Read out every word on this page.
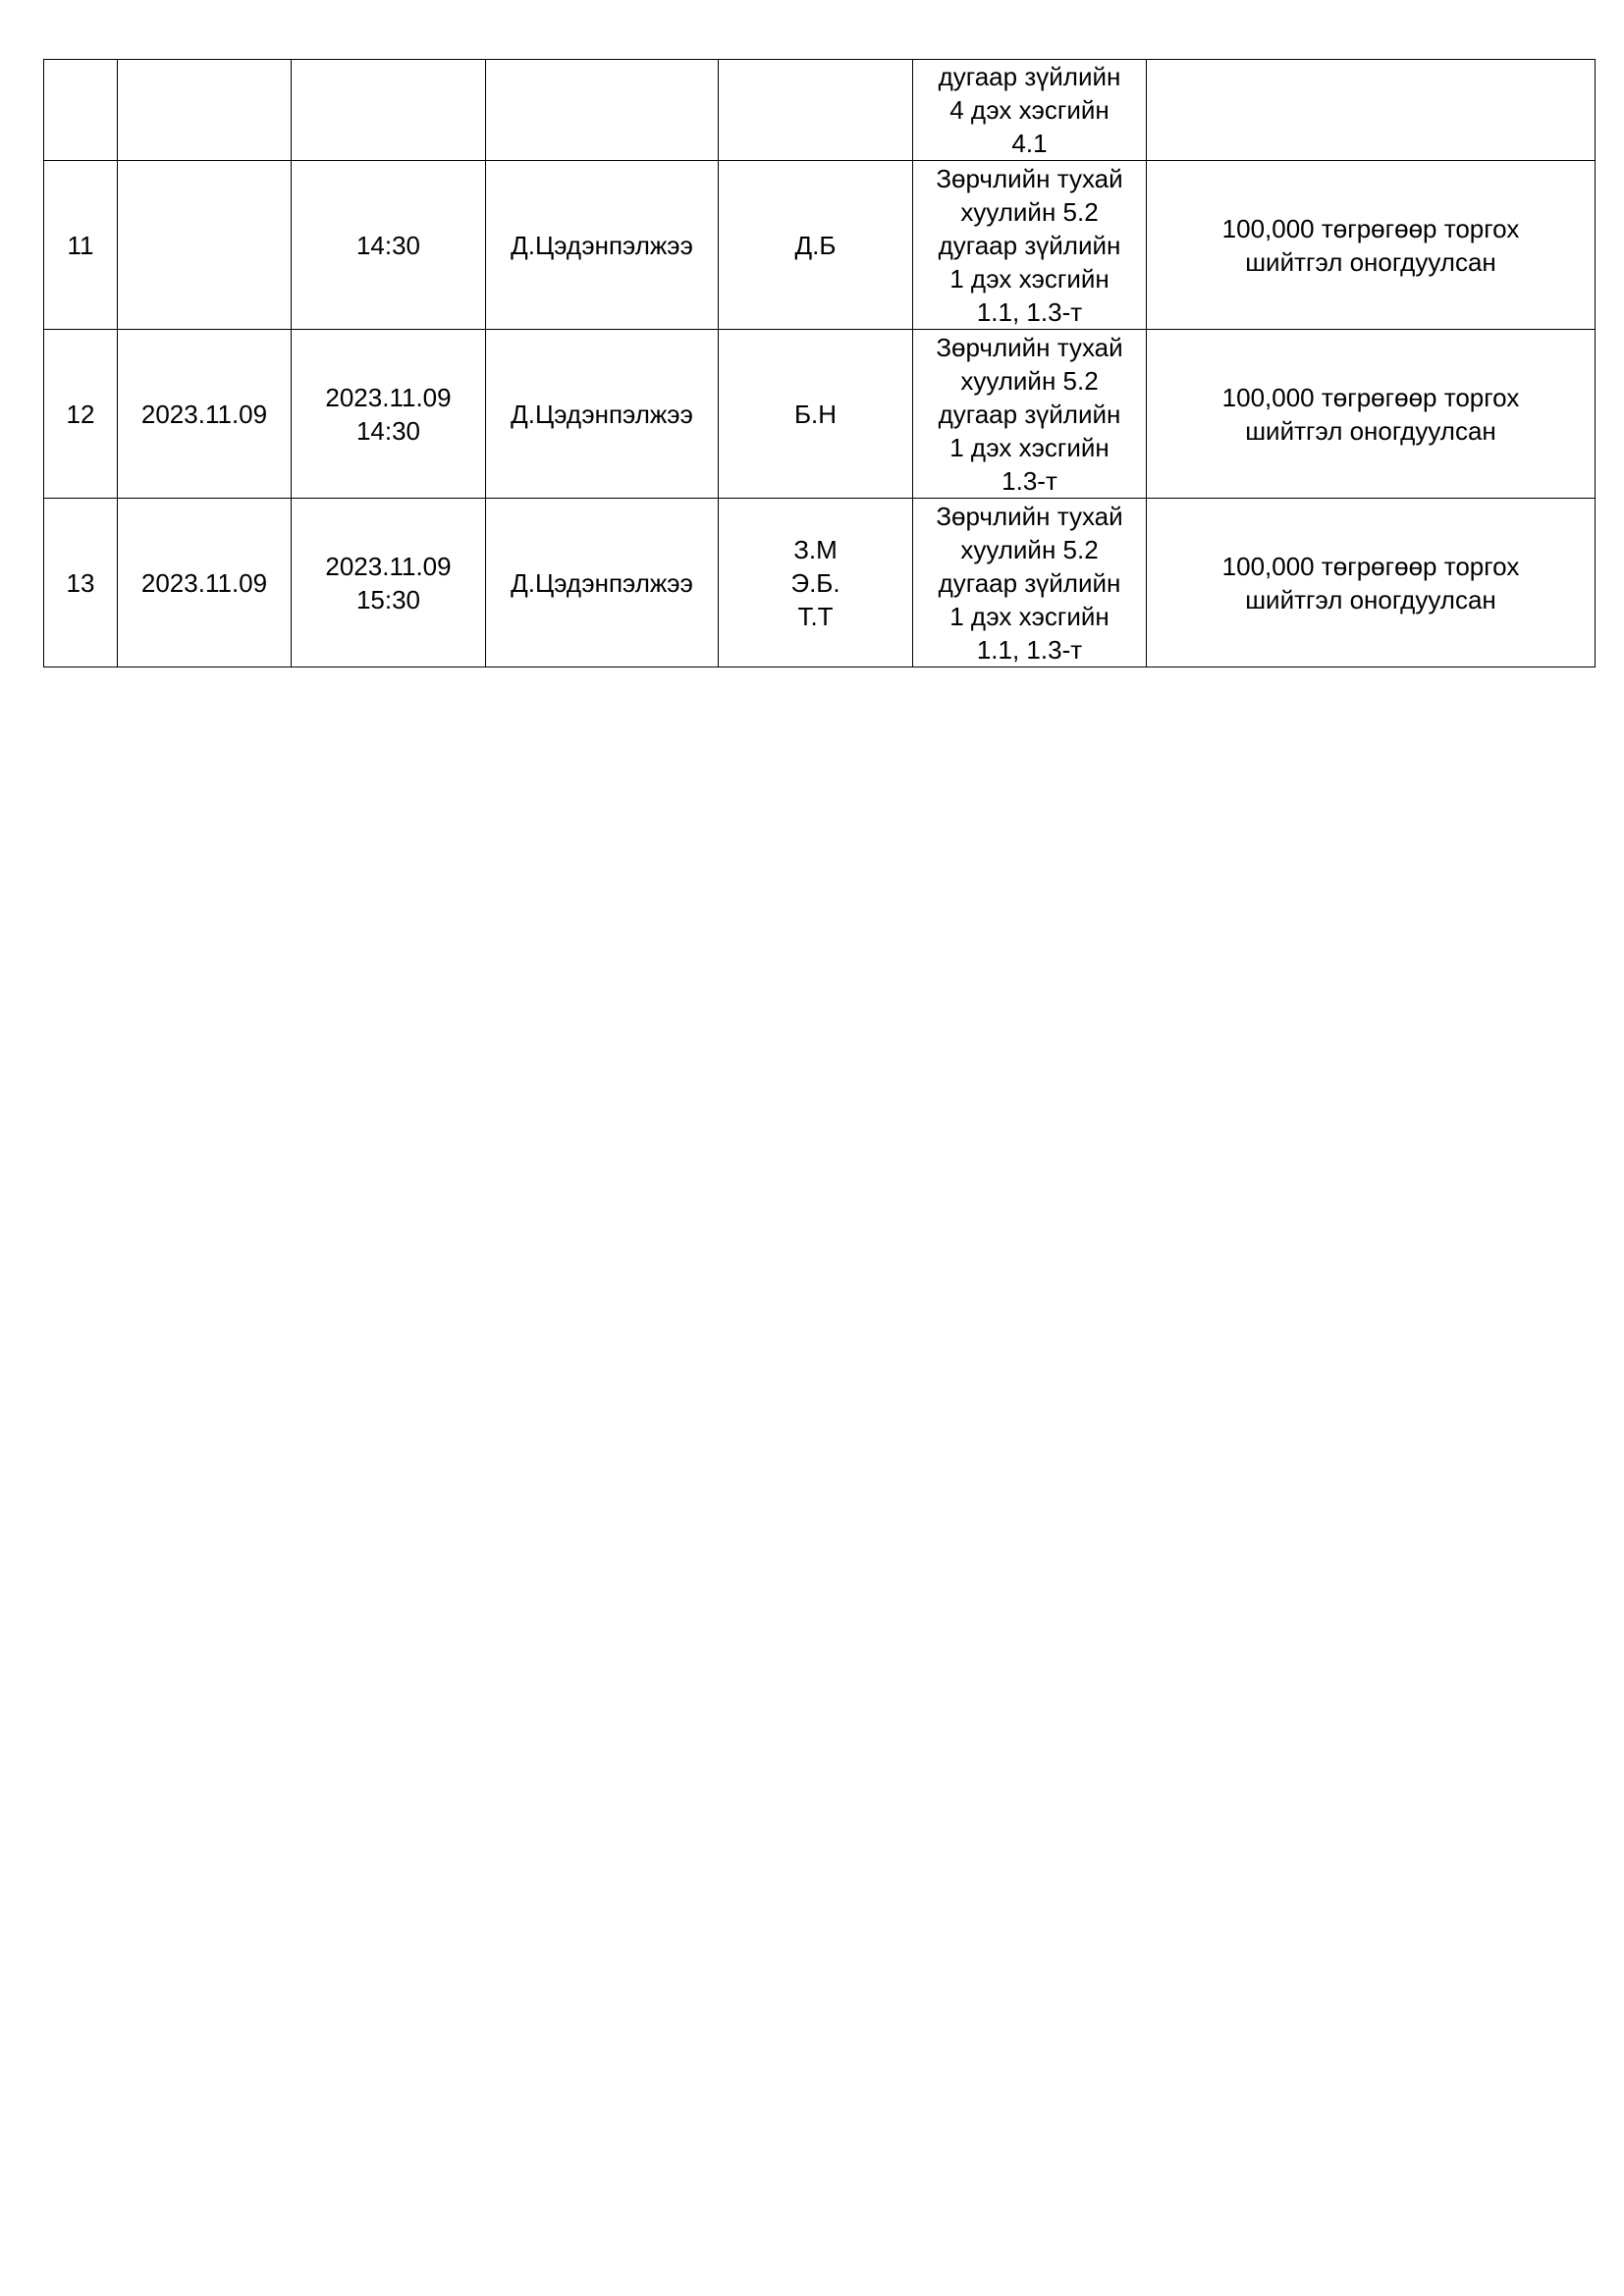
					дугаар зүйлийн
4 дэх хэсгийн
4.1	

11		14:30	Д.Цэдэнпэлжээ	Д.Б	Зөрчлийн тухай
хуулийн 5.2
дугаар зүйлийн
1 дэх хэсгийн
1.1, 1.3-т	100,000 төгрөгөөр торгох
шийтгэл оногдуулсан

12	2023.11.09	2023.11.09
14:30	Д.Цэдэнпэлжээ	Б.Н	Зөрчлийн тухай
хуулийн 5.2
дугаар зүйлийн
1 дэх хэсгийн
1.3-т	100,000 төгрөгөөр торгох
шийтгэл оногдуулсан

13	2023.11.09	2023.11.09
15:30	Д.Цэдэнпэлжээ	З.М
Э.Б.
Т.Т	Зөрчлийн тухай
хуулийн 5.2
дугаар зүйлийн
1 дэх хэсгийн
1.1, 1.3-т	100,000 төгрөгөөр торгох
шийтгэл оногдуулсан
